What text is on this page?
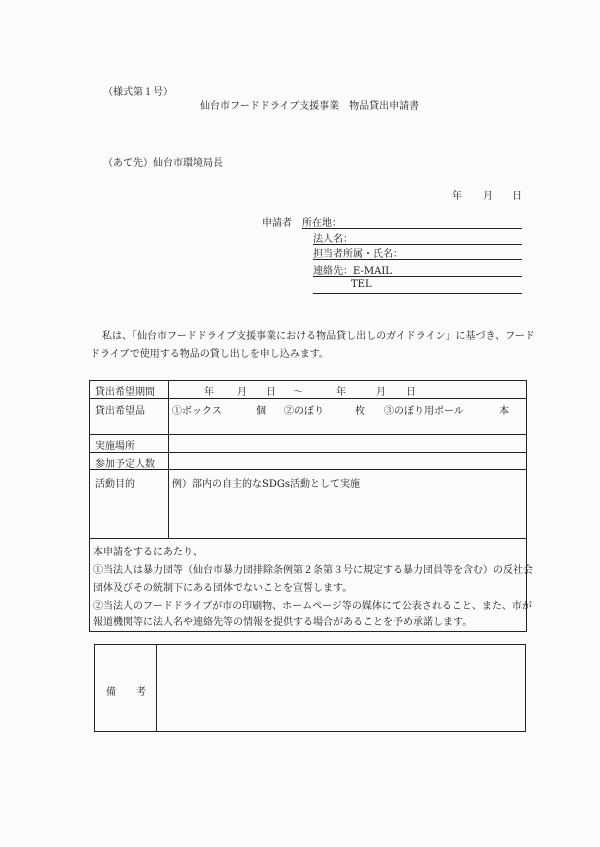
（様式第１号）
仙台市フードドライブ支援事業　物品貸出申請書
（あて先）仙台市環境局長
年 月 日
申請者 所在地：
法人名：
担当者所属・氏名：
連絡先：E-MAIL
TEL
私は、「仙台市フードドライブ支援事業における物品貸し出しのガイドライン」に基づき、フード
ドライブで使用する物品の貸し出しを申し込みます。
貸出希望期間	年 月 日 ～	年	月 日
貸出希望品	①ボックス	個 ②のぼり	枚 ③のぼり用ポール	本
実施場所
参加予定人数
活動目的	例）部内の自主的なSDGs活動として実施
本申請をするにあたり、
①当法人は暴力団等（仙台市暴力団排除条例第２条第３号に規定する暴力団員等を含む）の反社会
団体及びその統制下にある団体でないことを宣誓します。
②当法人のフードドライブが市の印刷物、ホームページ等の媒体にて公表されること、また、市が
報道機関等に法人名や連絡先等の情報を提供する場合があることを予め承諾します。
備　　考
